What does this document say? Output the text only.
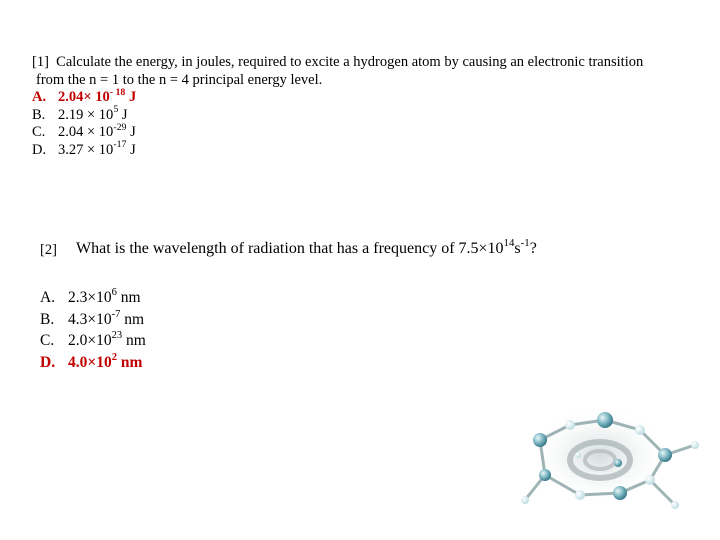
[1] Calculate the energy, in joules, required to excite a hydrogen atom by causing an electronic transition
from the n = 1 to the n = 4 principal energy level.
A. $2.04\times 10^{- 18}$ J
B. $2.19 \times 10^5$ J
C. $2.04 \times 10^{-29}$ J
D. $3.27 \times 10^{-17}$ J
[2]	What is the wavelength of radiation that has a frequency of $7.5\times 10^{14}s^{-1}$?
A. $2.3\times 10^6$ nm
B. $4.3\times 10^{-7}$ nm
C. $2.0\times 10^{23}$ nm
D. $4.0\times 10^2$ nm
